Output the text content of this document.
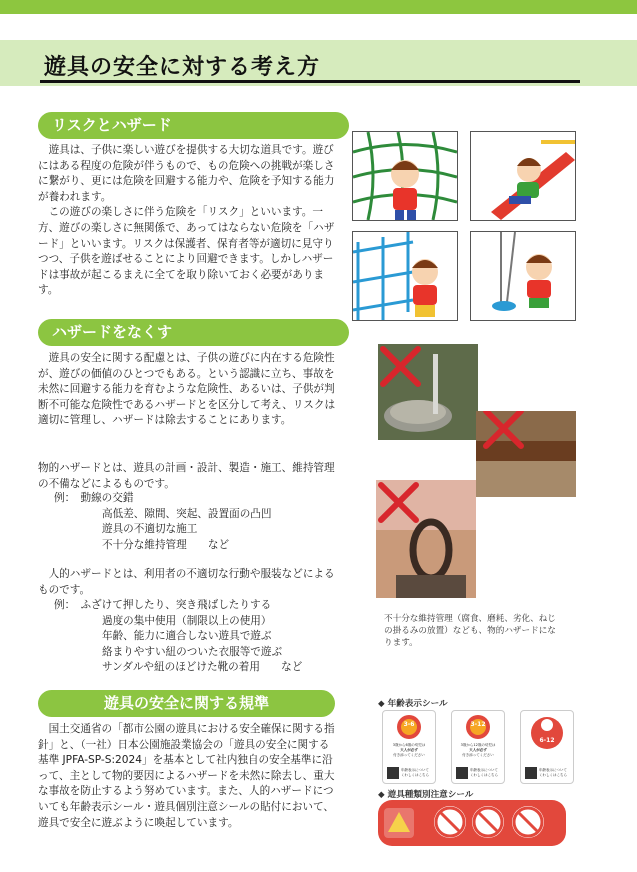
遊具の安全に対する考え方
リスクとハザード
　遊具は、子供に楽しい遊びを提供する大切な道具です。遊びにはある程度の危険が伴うもので、もの危険への挑戦が楽しさに繋がり、更には危険を回避する能力や、危険を予知する能力が養われます。
　この遊びの楽しさに伴う危険を「リスク」といいます。一方、遊びの楽しさに無関係で、あってはならない危険を「ハザード」といいます。リスクは保護者、保育者等が適切に見守りつつ、子供を遊ばせることにより回避できます。しかしハザードは事故が起こるまえに全てを取り除いておく必要があります。
ハザードをなくす
　遊具の安全に関する配慮とは、子供の遊びに内在する危険性が、遊びの価値のひとつでもある。という認識に立ち、事故を未然に回避する能力を育むような危険性、あるいは、子供が判断不可能な危険性であるハザードとを区分して考え、リスクは適切に管理し、ハザードは除去することにあります。
物的ハザードとは、遊具の計画・設計、製造・施工、維持管理の不備などによるものです。
例：　動線の交錯
高低差、隙間、突起、設置面の凸凹
遊具の不適切な施工
不十分な維持管理　　など
　人的ハザードとは、利用者の不適切な行動や服装などによるものです。
例：　ふざけて押したり、突き飛ばしたりする
過度の集中使用（制限以上の使用）
年齢、能力に適合しない遊具で遊ぶ
絡まりやすい紐のついた衣服等で遊ぶ
サンダルや紐のほどけた靴の着用　　など
不十分な維持管理（腐食、磨耗、劣化、ねじの掛るみの放置）なども、物的ハザードになります。
遊具の安全に関する規準
　国土交通省の「都市公園の遊具における安全確保に関する指針」と、（一社）日本公園施設業協会の「遊具の安全に関する基準 JPFA-SP-S:2024」を基本として社内独自の安全基準に沿って、主として物的要因によるハザードを未然に除去し、重大な事故を防止するよう努めています。また、人的ハザードについても年齢表示シール・遊具個別注意シールの貼付において、遊具で安全に遊ぶように喚起しています。
◆ 年齢表示シール
3-6
3歳から6歳の幼児は
大人が必ず
付き添ってください
年齢表示について
くわしくはこちら
3-12
3歳から12歳の幼児は
大人が必ず
付き添ってください
年齢表示について
くわしくはこちら
6-12
年齢表示について
くわしくはこちら
◆ 遊具種類別注意シール
